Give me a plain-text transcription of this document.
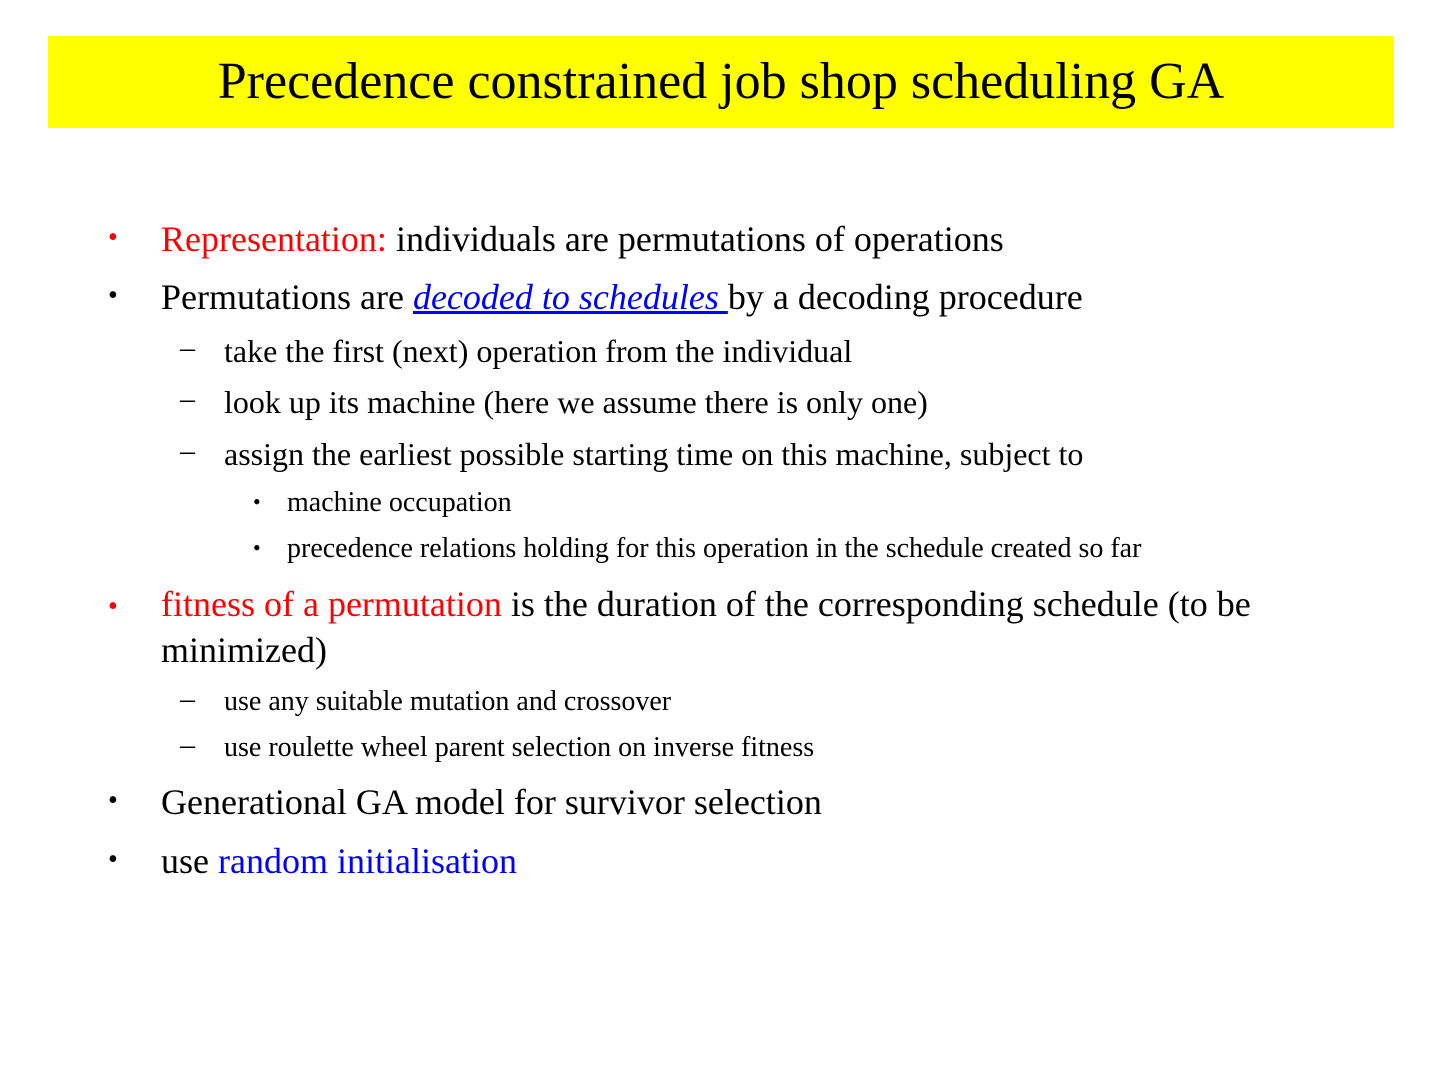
Precedence constrained job shop scheduling GA
• Representation: individuals are permutations of operations
• Permutations are decoded to schedules by a decoding procedure
– take the first (next) operation from the individual
– look up its machine (here we assume there is only one)
– assign the earliest possible starting time on this machine, subject to
• machine occupation
• precedence relations holding for this operation in the schedule created so far
• fitness of a permutation is the duration of the corresponding schedule (to be minimized)
– use any suitable mutation and crossover
– use roulette wheel parent selection on inverse fitness
• Generational GA model for survivor selection
• use random initialisation
